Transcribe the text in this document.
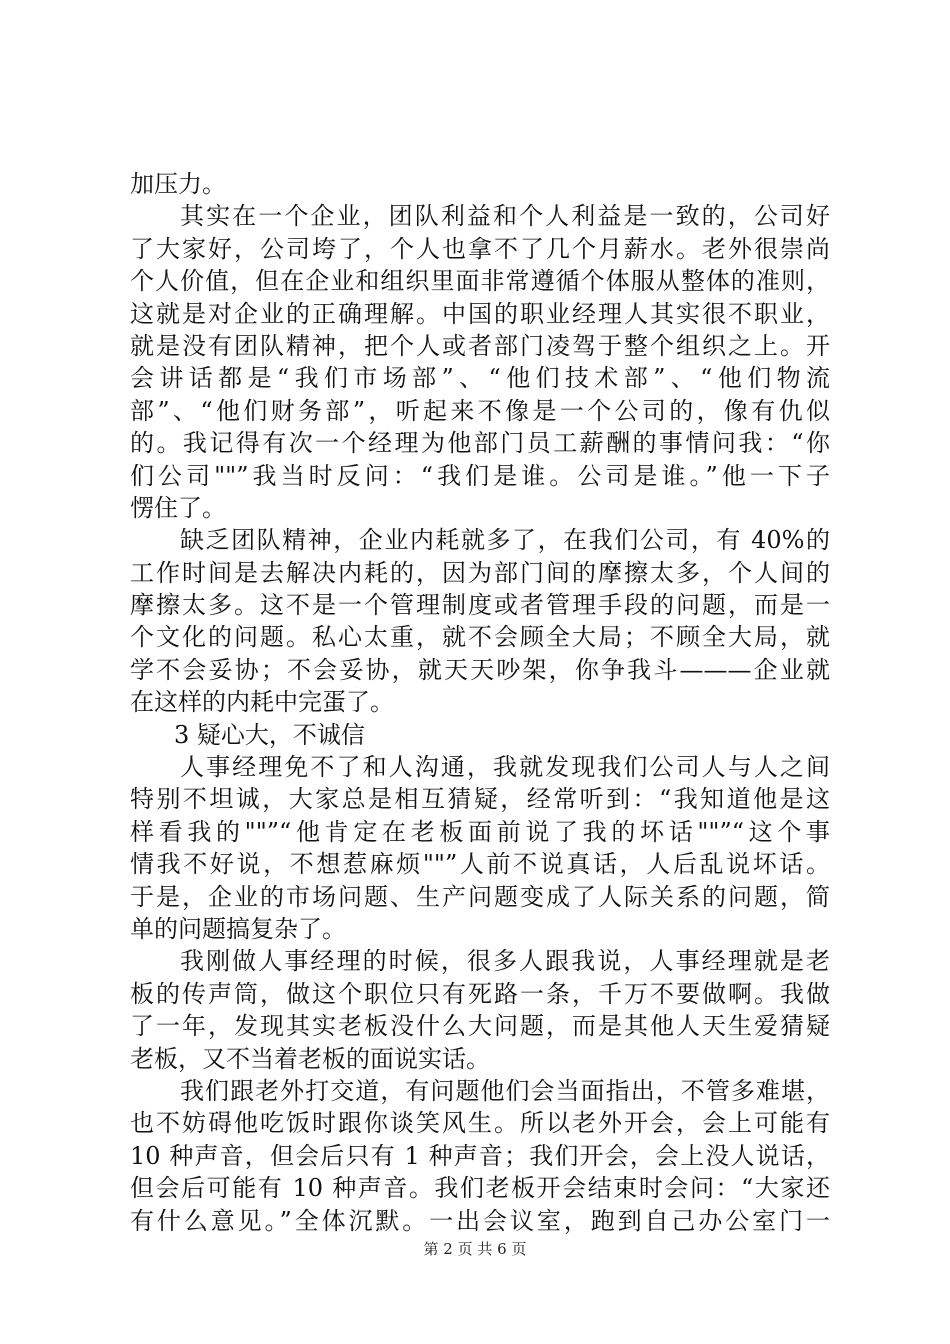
加压力。
其实在一个企业，团队利益和个人利益是一致的，公司好
了大家好，公司垮了，个人也拿不了几个月薪水。老外很崇尚
个人价值，但在企业和组织里面非常遵循个体服从整体的准则，
这就是对企业的正确理解。中国的职业经理人其实很不职业，
就是没有团队精神，把个人或者部门凌驾于整个组织之上。开
会讲话都是“我们市场部”、“他们技术部”、“他们物流
部”、“他们财务部”，听起来不像是一个公司的，像有仇似
的。我记得有次一个经理为他部门员工薪酬的事情问我：“你
们公司""”我当时反问：“我们是谁。公司是谁。”他一下子
愣住了。
缺乏团队精神，企业内耗就多了，在我们公司，有 40%的
工作时间是去解决内耗的，因为部门间的摩擦太多，个人间的
摩擦太多。这不是一个管理制度或者管理手段的问题，而是一
个文化的问题。私心太重，就不会顾全大局；不顾全大局，就
学不会妥协；不会妥协，就天天吵架，你争我斗———企业就
在这样的内耗中完蛋了。
3 疑心大，不诚信
人事经理免不了和人沟通，我就发现我们公司人与人之间
特别不坦诚，大家总是相互猜疑，经常听到：“我知道他是这
样看我的""”“他肯定在老板面前说了我的坏话""”“这个事
情我不好说，不想惹麻烦""”人前不说真话，人后乱说坏话。
于是，企业的市场问题、生产问题变成了人际关系的问题，简
单的问题搞复杂了。
我刚做人事经理的时候，很多人跟我说，人事经理就是老
板的传声筒，做这个职位只有死路一条，千万不要做啊。我做
了一年，发现其实老板没什么大问题，而是其他人天生爱猜疑
老板，又不当着老板的面说实话。
我们跟老外打交道，有问题他们会当面指出，不管多难堪，
也不妨碍他吃饭时跟你谈笑风生。所以老外开会，会上可能有
10 种声音，但会后只有 1 种声音；我们开会，会上没人说话，
但会后可能有 10 种声音。我们老板开会结束时会问：“大家还
有什么意见。”全体沉默。一出会议室，跑到自己办公室门一
第 2 页 共 6 页
